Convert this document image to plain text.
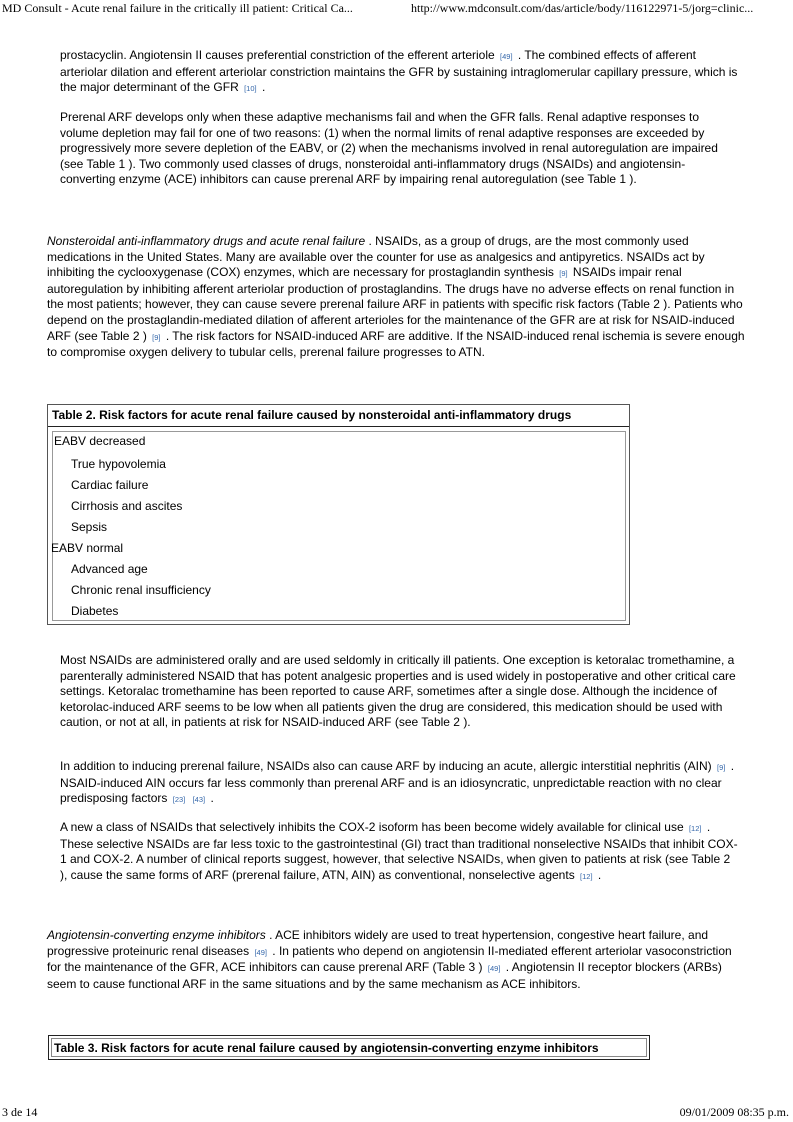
MD Consult - Acute renal failure in the critically ill patient: Critical Ca...	http://www.mdconsult.com/das/article/body/116122971-5/jorg=clinic...

prostacyclin. Angiotensin II causes preferential constriction of the efferent arteriole [49] . The combined effects of afferent arteriolar dilation and efferent arteriolar constriction maintains the GFR by sustaining intraglomerular capillary pressure, which is the major determinant of the GFR [10] .

Prerenal ARF develops only when these adaptive mechanisms fail and when the GFR falls. Renal adaptive responses to volume depletion may fail for one of two reasons: (1) when the normal limits of renal adaptive responses are exceeded by progressively more severe depletion of the EABV, or (2) when the mechanisms involved in renal autoregulation are impaired (see Table 1 ). Two commonly used classes of drugs, nonsteroidal anti-inflammatory drugs (NSAIDs) and angiotensin-converting enzyme (ACE) inhibitors can cause prerenal ARF by impairing renal autoregulation (see Table 1 ).

Nonsteroidal anti-inflammatory drugs and acute renal failure . NSAIDs, as a group of drugs, are the most commonly used medications in the United States. Many are available over the counter for use as analgesics and antipyretics. NSAIDs act by inhibiting the cyclooxygenase (COX) enzymes, which are necessary for prostaglandin synthesis [9] NSAIDs impair renal autoregulation by inhibiting afferent arteriolar production of prostaglandins. The drugs have no adverse effects on renal function in the most patients; however, they can cause severe prerenal failure ARF in patients with specific risk factors (Table 2 ). Patients who depend on the prostaglandin-mediated dilation of afferent arterioles for the maintenance of the GFR are at risk for NSAID-induced ARF (see Table 2 ) [9] . The risk factors for NSAID-induced ARF are additive. If the NSAID-induced renal ischemia is severe enough to compromise oxygen delivery to tubular cells, prerenal failure progresses to ATN.

Table 2. Risk factors for acute renal failure caused by nonsteroidal anti-inflammatory drugs
EABV decreased
True hypovolemia
Cardiac failure
Cirrhosis and ascites
Sepsis
EABV normal
Advanced age
Chronic renal insufficiency
Diabetes

Most NSAIDs are administered orally and are used seldomly in critically ill patients. One exception is ketoralac tromethamine, a parenterally administered NSAID that has potent analgesic properties and is used widely in postoperative and other critical care settings. Ketoralac tromethamine has been reported to cause ARF, sometimes after a single dose. Although the incidence of ketorolac-induced ARF seems to be low when all patients given the drug are considered, this medication should be used with caution, or not at all, in patients at risk for NSAID-induced ARF (see Table 2 ).

In addition to inducing prerenal failure, NSAIDs also can cause ARF by inducing an acute, allergic interstitial nephritis (AIN) [9] . NSAID-induced AIN occurs far less commonly than prerenal ARF and is an idiosyncratic, unpredictable reaction with no clear predisposing factors [23] [43] .

A new a class of NSAIDs that selectively inhibits the COX-2 isoform has been become widely available for clinical use [12] . These selective NSAIDs are far less toxic to the gastrointestinal (GI) tract than traditional nonselective NSAIDs that inhibit COX-1 and COX-2. A number of clinical reports suggest, however, that selective NSAIDs, when given to patients at risk (see Table 2 ), cause the same forms of ARF (prerenal failure, ATN, AIN) as conventional, nonselective agents [12] .

Angiotensin-converting enzyme inhibitors . ACE inhibitors widely are used to treat hypertension, congestive heart failure, and progressive proteinuric renal diseases [49] . In patients who depend on angiotensin II-mediated efferent arteriolar vasoconstriction for the maintenance of the GFR, ACE inhibitors can cause prerenal ARF (Table 3 ) [49] . Angiotensin II receptor blockers (ARBs) seem to cause functional ARF in the same situations and by the same mechanism as ACE inhibitors.

Table 3. Risk factors for acute renal failure caused by angiotensin-converting enzyme inhibitors
3 de 14	09/01/2009 08:35 p.m.
